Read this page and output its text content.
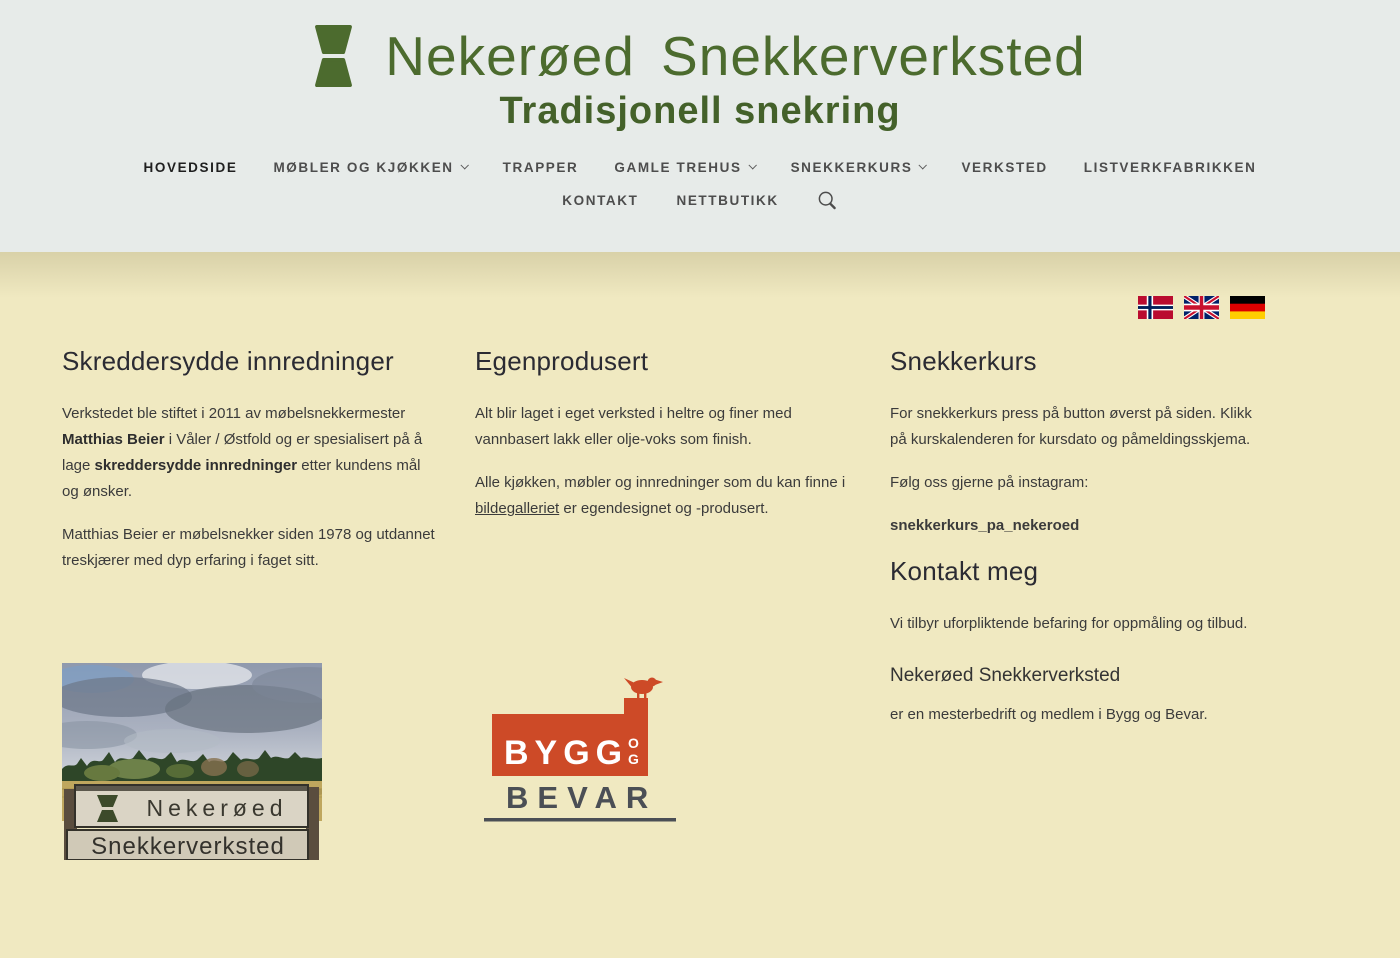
Nekerøed Snekkerverksted
Tradisjonell snekring
HOVEDSIDE	MØBLER OG KJØKKEN	TRAPPER	GAMLE TREHUS	SNEKKERKURS	VERKSTED	LISTVERKFABRIKKEN
KONTAKT	NETTBUTIKK
Skreddersydde innredninger

Verkstedet ble stiftet i 2011 av møbelsnekkermester Matthias Beier i Våler / Østfold og er spesialisert på å lage skreddersydde innredninger etter kundens mål og ønsker.

Matthias Beier er møbelsnekker siden 1978 og utdannet treskjærer med dyp erfaring i faget sitt.

Egenprodusert

Alt blir laget i eget verksted i heltre og finer med vannbasert lakk eller olje-voks som finish.

Alle kjøkken, møbler og innredninger som du kan finne i bildegalleriet er egendesignet og -produsert.

Snekkerkurs

For snekkerkurs press på button øverst på siden. Klikk på kurskalenderen for kursdato og påmeldingsskjema.

Følg oss gjerne på instagram:

snekkerkurs_pa_nekeroed

Kontakt meg

Vi tilbyr uforpliktende befaring for oppmåling og tilbud.

Nekerøed Snekkerverksted

er en mesterbedrift og medlem i Bygg og Bevar.

Nekerøed
Snekkerverksted
BYGG O
G
BEVAR
